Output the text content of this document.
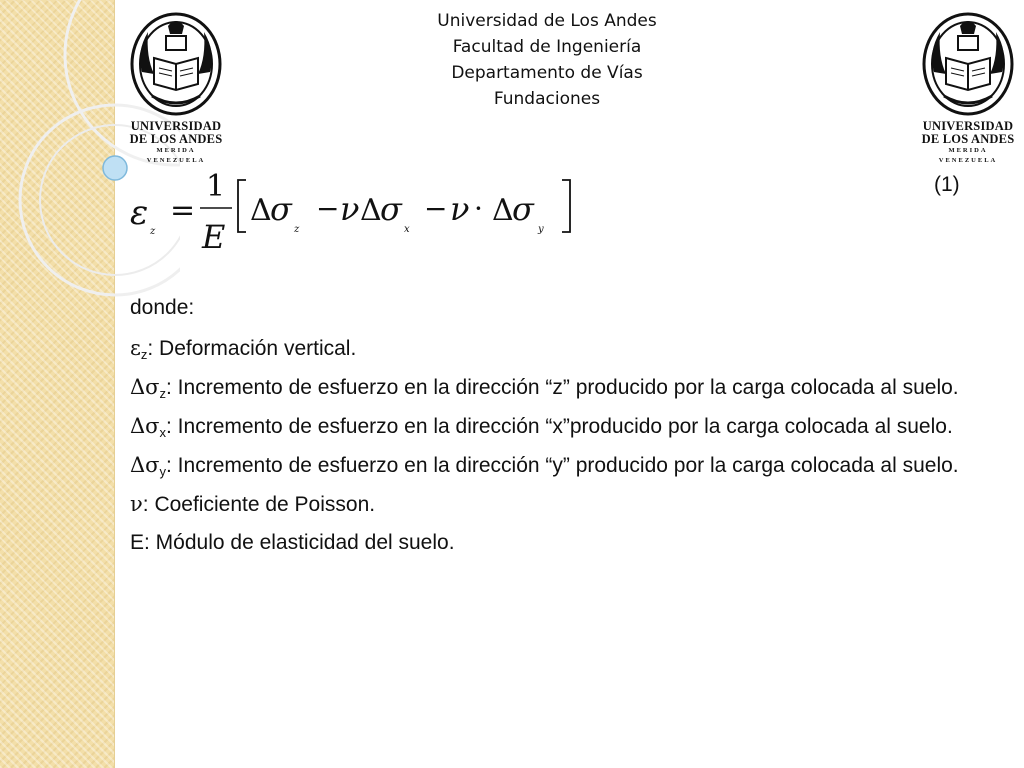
Universidad de Los Andes
Facultad de Ingeniería
Departamento de Vías
Fundaciones
UNIVERSIDAD
DE LOS ANDES
MERIDA VENEZUELA
UNIVERSIDAD
DE LOS ANDES
MERIDA VENEZUELA
ε z
=
1
E
Δ
σ
z
− ν Δ
σ
x
− ν · Δ
σ
y
(1)

donde:

$\varepsilon_z$: Deformación vertical.

$\Delta\sigma_z$: Incremento de esfuerzo en la dirección “z” producido por la carga colocada al suelo.

$\Delta\sigma_x$: Incremento de esfuerzo en la dirección “x”producido por la carga colocada al suelo.

$\Delta\sigma_y$: Incremento de esfuerzo en la dirección “y” producido por la carga colocada al suelo.

ν: Coeficiente de Poisson.

E: Módulo de elasticidad del suelo.
